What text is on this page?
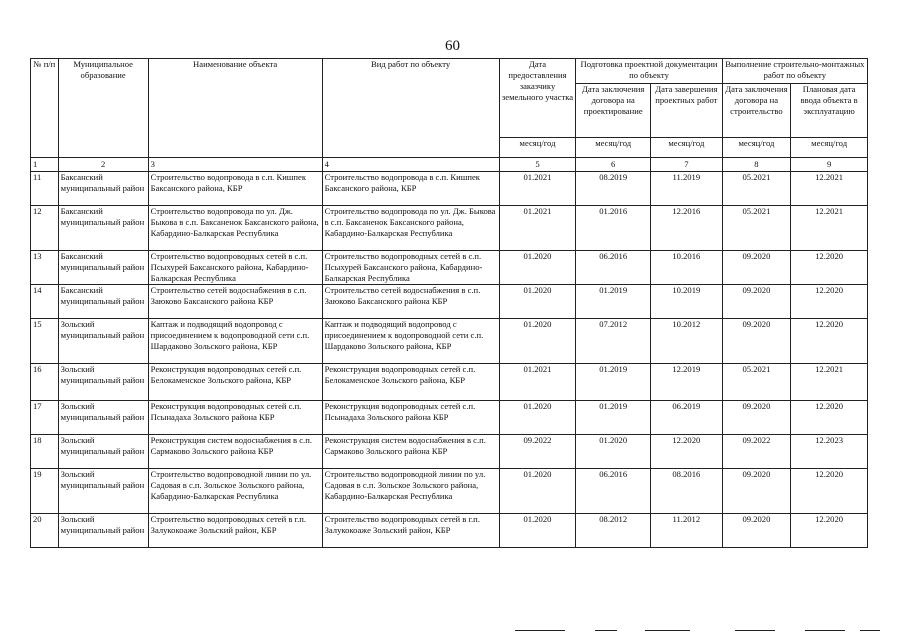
60
№ п/п	Муниципальное образование	Наименование объекта	Вид работ по объекту	Дата предоставления заказчику земельного участка	Подготовка проектной документации по объекту		Выполнение строительно-монтажных работ по объекту	
					Дата заключения договора на проектирование	Дата завершения проектных работ	Дата заключения договора на строительство	Плановая дата ввода объекта в эксплуатацию
				месяц/год	месяц/год	месяц/год	месяц/год	месяц/год
1	2	3	4	5	6	7	8	9
11	Баксанский муниципальный район	Строительство водопровода в с.п. Кишпек Баксанского района, КБР	Строительство водопровода в с.п. Кишпек Баксанского района, КБР	01.2021	08.2019	11.2019	05.2021	12.2021
12	Баксанский муниципальный район	Строительство водопровода по ул. Дж. Быкова в с.п. Баксаненок Баксанского района, Кабардино-Балкарская Республика	Строительство водопровода по ул. Дж. Быкова в с.п. Баксаненок Баксанского района, Кабардино-Балкарская Республика	01.2021	01.2016	12.2016	05.2021	12.2021
13	Баксанский муниципальный район	Строительство водопроводных сетей в с.п. Псыхурей Баксанского района, Кабардино-Балкарская Республика	Строительство водопроводных сетей в с.п. Псыхурей Баксанского района, Кабардино-Балкарская Республика	01.2020	06.2016	10.2016	09.2020	12.2020
14	Баксанский муниципальный район	Строительство сетей водоснабжения в с.п. Заюково Баксанского района КБР	Строительство сетей водоснабжения в с.п. Заюково Баксанского района КБР	01.2020	01.2019	10.2019	09.2020	12.2020
15	Зольский муниципальный район	Каптаж и подводящий водопровод с присоединением к водопроводной сети с.п. Шардаково Зольского района, КБР	Каптаж и подводящий водопровод с присоединением к водопроводной сети с.п. Шардаково Зольского района, КБР	01.2020	07.2012	10.2012	09.2020	12.2020
16	Зольский муниципальный район	Реконструкция водопроводных сетей с.п. Белокаменское Зольского района, КБР	Реконструкция водопроводных сетей с.п. Белокаменское Зольского района, КБР	01.2021	01.2019	12.2019	05.2021	12.2021
17	Зольский муниципальный район	Реконструкция водопроводных сетей с.п. Псынадаха Зольского района КБР	Реконструкция водопроводных сетей с.п. Псынадаха Зольского района КБР	01.2020	01.2019	06.2019	09.2020	12.2020
18	Зольский муниципальный район	Реконструкция систем водоснабжения в с.п. Сармаково Зольского района КБР	Реконструкция систем водоснабжения в с.п. Сармаково Зольского района КБР	09.2022	01.2020	12.2020	09.2022	12.2023
19	Зольский муниципальный район	Строительство водопроводной линии по ул. Садовая в с.п. Зольское Зольского района, Кабардино-Балкарская Республика	Строительство водопроводной линии по ул. Садовая в с.п. Зольское Зольского района, Кабардино-Балкарская Республика	01.2020	06.2016	08.2016	09.2020	12.2020
20	Зольский муниципальный район	Строительство водопроводных сетей в г.п. Залукокоаже Зольский район, КБР	Строительство водопроводных сетей в г.п. Залукокоаже Зольский район, КБР	01.2020	08.2012	11.2012	09.2020	12.2020
